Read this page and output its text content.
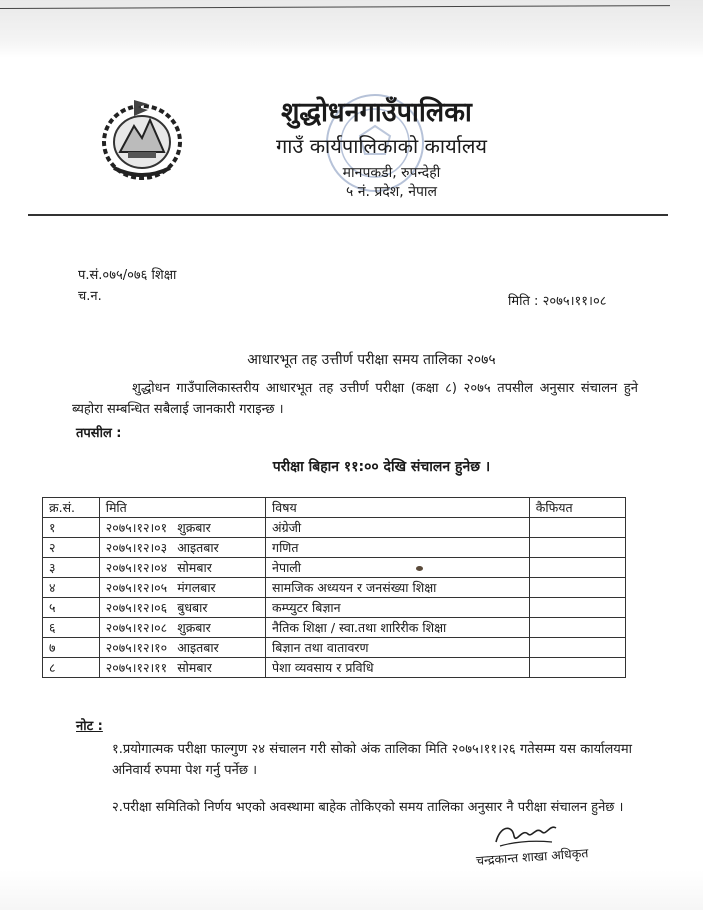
शुद्धोधनगाउँपालिका
गाउँ कार्यपालिकाको कार्यालय
मानपकडी, रुपन्देही
५ नं. प्रदेश, नेपाल
प.सं.०७५/०७६ शिक्षा
च.न.	मिति : २०७५।११।०८
आधारभूत तह उत्तीर्ण परीक्षा समय तालिका २०७५
शुद्धोधन गाउँपालिकास्तरीय आधारभूत तह उत्तीर्ण परीक्षा (कक्षा ८) २०७५ तपसील अनुसार संचालन हुने ब्यहोरा सम्बन्धित सबैलाई जानकारी गराइन्छ ।
तपसील :
परीक्षा बिहान ११:०० देखि संचालन हुनेछ ।
क्र.सं.	मिति	विषय	कैफियत
१	२०७५।१२।०१ शुक्रबार	अंग्रेजी	
२	२०७५।१२।०३ आइतबार	गणित	
३	२०७५।१२।०४ सोमबार	नेपाली	
४	२०७५।१२।०५ मंगलबार	सामजिक अध्ययन र जनसंख्या शिक्षा	
५	२०७५।१२।०६ बुधबार	कम्प्युटर बिज्ञान	
६	२०७५।१२।०८ शुक्रबार	नैतिक शिक्षा / स्वा.तथा शारिरीक शिक्षा	
७	२०७५।१२।१० आइतबार	बिज्ञान तथा वातावरण	
८	२०७५।१२।११ सोमबार	पेशा व्यवसाय र प्रविधि	
नोट :
१.प्रयोगात्मक परीक्षा फाल्गुण २४ संचालन गरी सोको अंक तालिका मिति २०७५।११।२६ गतेसम्म यस कार्यालयमा अनिवार्य रुपमा पेश गर्नु पर्नेछ ।
२.परीक्षा समितिको निर्णय भएको अवस्थामा बाहेक तोकिएको समय तालिका अनुसार नै परीक्षा संचालन हुनेछ ।
चन्द्रकान्त शाखा अधिकृत
